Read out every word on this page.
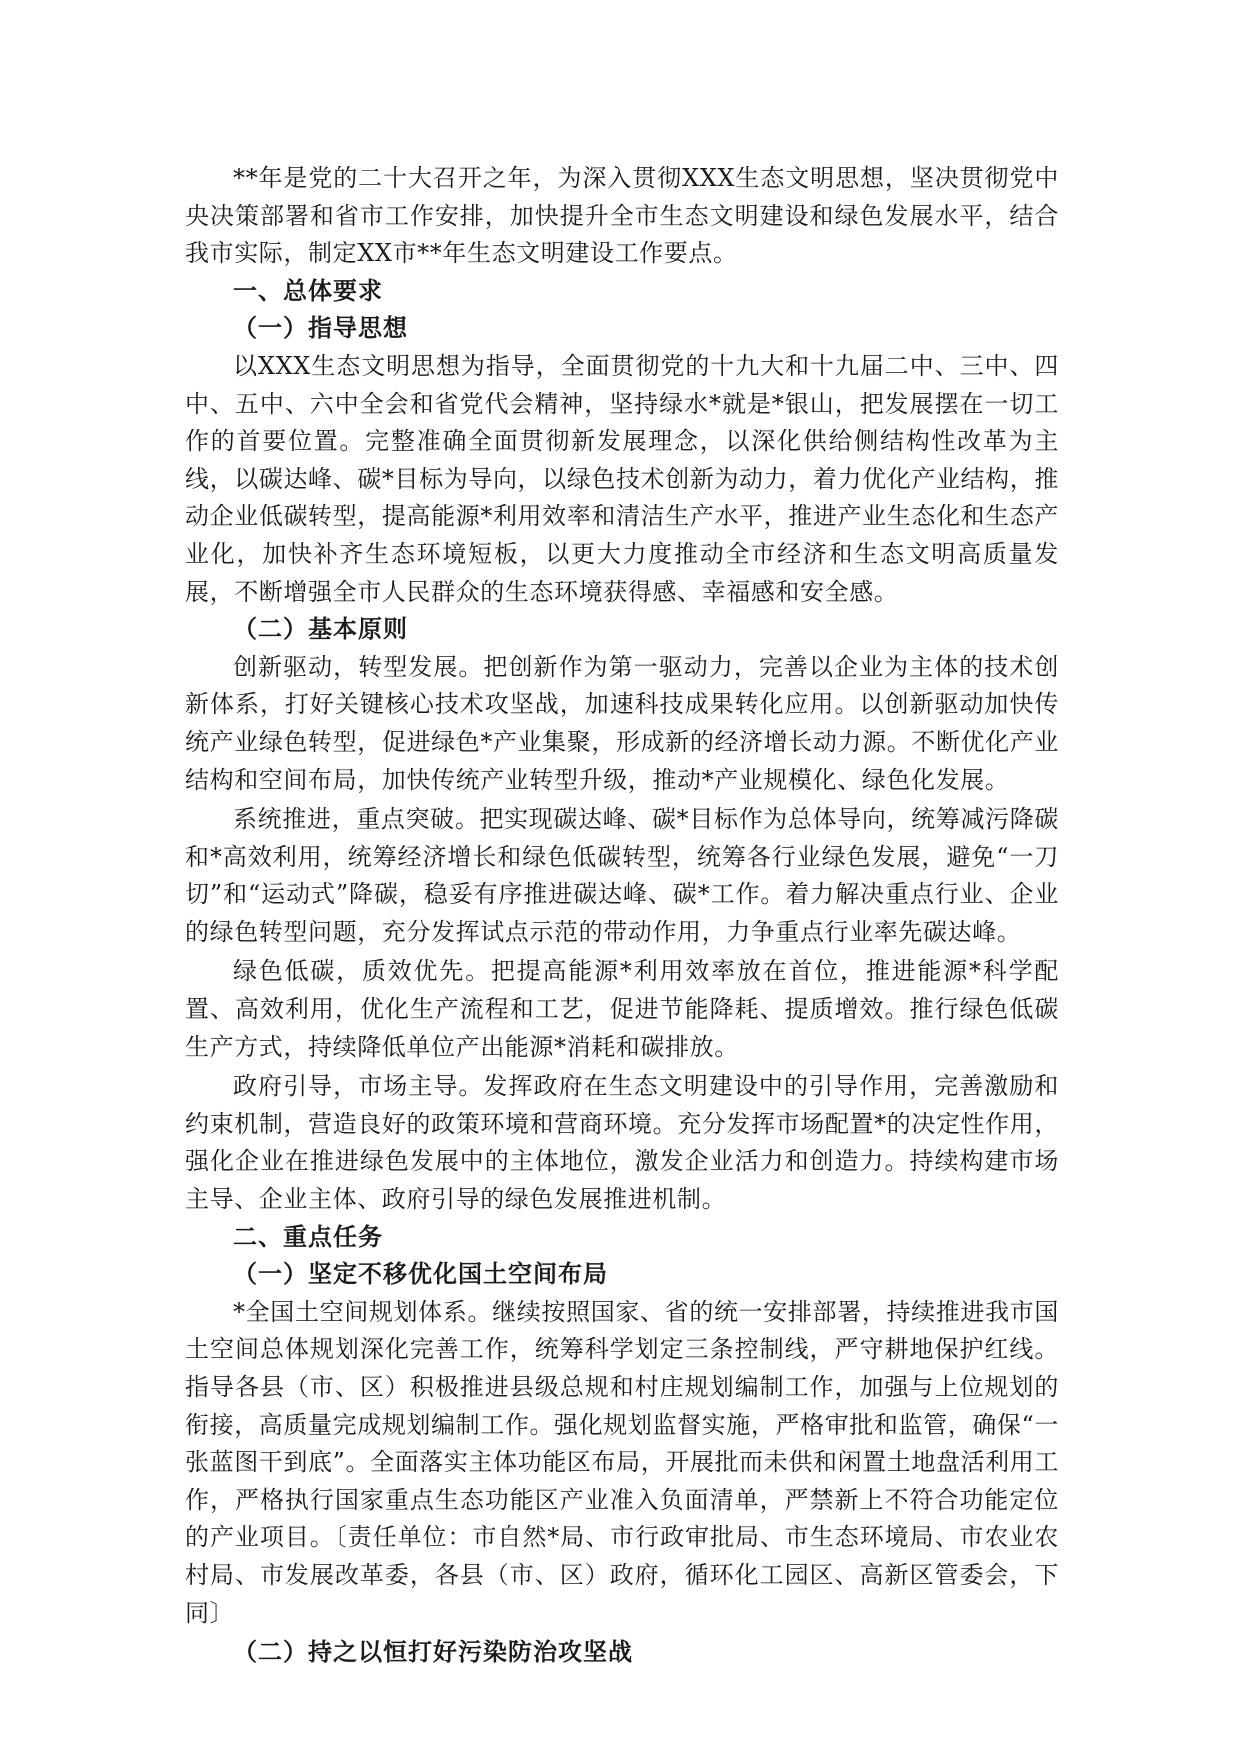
**年是党的二十大召开之年，为深入贯彻XXX生态文明思想，坚决贯彻党中央决策部署和省市工作安排，加快提升全市生态文明建设和绿色发展水平，结合我市实际，制定XX市**年生态文明建设工作要点。

一、总体要求

（一）指导思想

以XXX生态文明思想为指导，全面贯彻党的十九大和十九届二中、三中、四中、五中、六中全会和省党代会精神，坚持绿水*就是*银山，把发展摆在一切工作的首要位置。完整准确全面贯彻新发展理念，以深化供给侧结构性改革为主线，以碳达峰、碳*目标为导向，以绿色技术创新为动力，着力优化产业结构，推动企业低碳转型，提高能源*利用效率和清洁生产水平，推进产业生态化和生态产业化，加快补齐生态环境短板，以更大力度推动全市经济和生态文明高质量发展，不断增强全市人民群众的生态环境获得感、幸福感和安全感。

（二）基本原则

创新驱动，转型发展。把创新作为第一驱动力，完善以企业为主体的技术创新体系，打好关键核心技术攻坚战，加速科技成果转化应用。以创新驱动加快传统产业绿色转型，促进绿色*产业集聚，形成新的经济增长动力源。不断优化产业结构和空间布局，加快传统产业转型升级，推动*产业规模化、绿色化发展。

系统推进，重点突破。把实现碳达峰、碳*目标作为总体导向，统筹减污降碳和*高效利用，统筹经济增长和绿色低碳转型，统筹各行业绿色发展，避免“一刀切”和“运动式”降碳，稳妥有序推进碳达峰、碳*工作。着力解决重点行业、企业的绿色转型问题，充分发挥试点示范的带动作用，力争重点行业率先碳达峰。

绿色低碳，质效优先。把提高能源*利用效率放在首位，推进能源*科学配置、高效利用，优化生产流程和工艺，促进节能降耗、提质增效。推行绿色低碳生产方式，持续降低单位产出能源*消耗和碳排放。

政府引导，市场主导。发挥政府在生态文明建设中的引导作用，完善激励和约束机制，营造良好的政策环境和营商环境。充分发挥市场配置*的决定性作用，强化企业在推进绿色发展中的主体地位，激发企业活力和创造力。持续构建市场主导、企业主体、政府引导的绿色发展推进机制。

二、重点任务

（一）坚定不移优化国土空间布局

*全国土空间规划体系。继续按照国家、省的统一安排部署，持续推进我市国土空间总体规划深化完善工作，统筹科学划定三条控制线，严守耕地保护红线。指导各县（市、区）积极推进县级总规和村庄规划编制工作，加强与上位规划的衔接，高质量完成规划编制工作。强化规划监督实施，严格审批和监管，确保“一张蓝图干到底”。全面落实主体功能区布局，开展批而未供和闲置土地盘活利用工作，严格执行国家重点生态功能区产业准入负面清单，严禁新上不符合功能定位的产业项目。〔责任单位：市自然*局、市行政审批局、市生态环境局、市农业农村局、市发展改革委，各县（市、区）政府，循环化工园区、高新区管委会，下同〕

（二）持之以恒打好污染防治攻坚战
